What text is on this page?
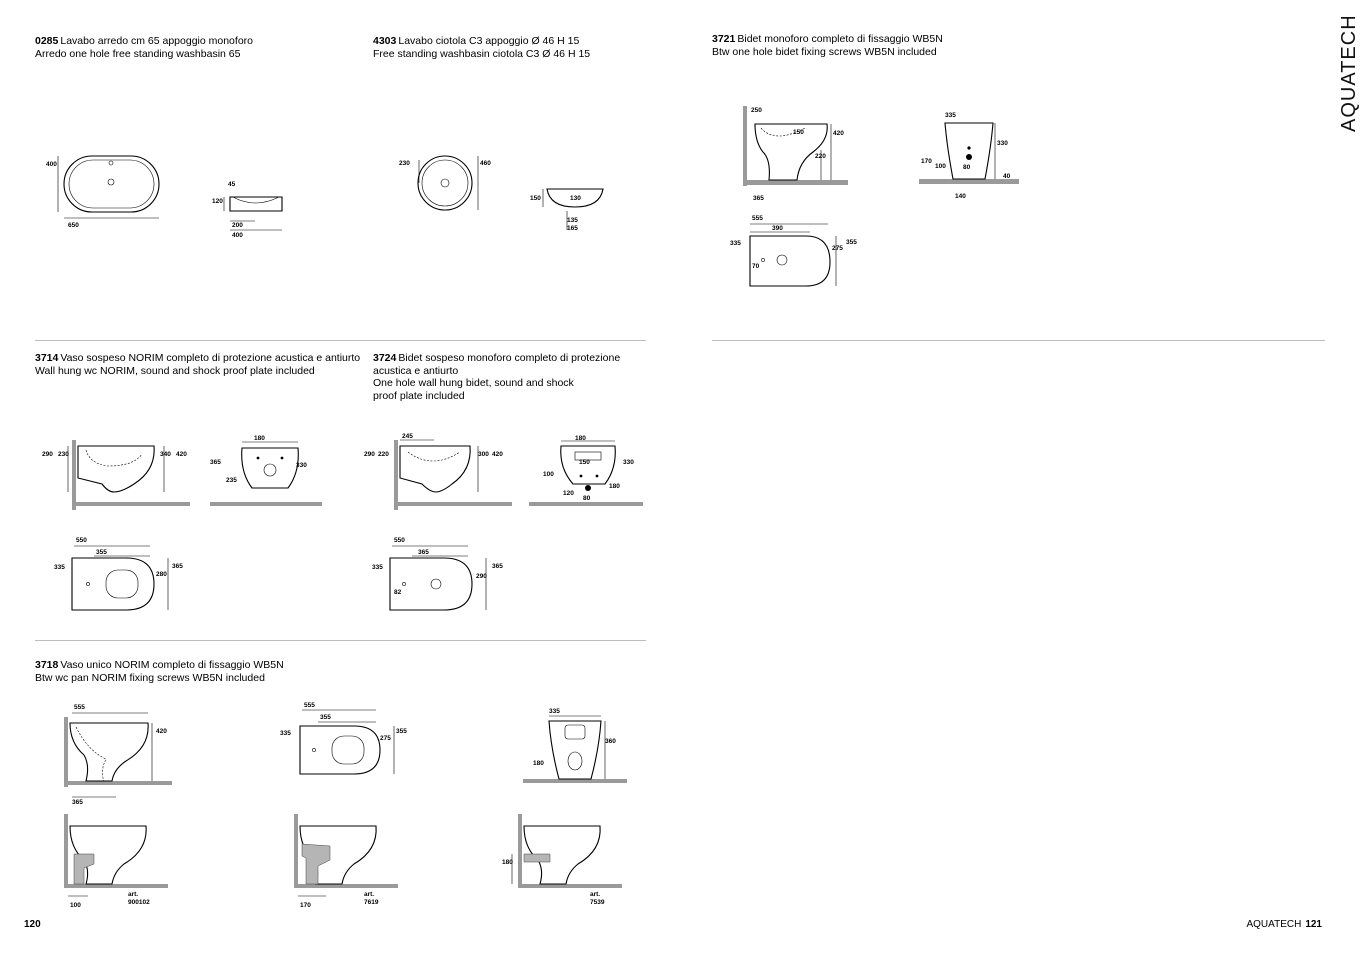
AQUATECH
0285 Lavabo arredo cm 65 appoggio monoforo
Arredo one hole free standing washbasin 65
4303 Lavabo ciotola C3 appoggio Ø 46 H 15
Free standing washbasin ciotola C3 Ø 46 H 15
3721 Bidet monoforo completo di fissaggio WB5N
Btw one hole bidet fixing screws WB5N included
3714 Vaso sospeso NORIM completo di protezione acustica e antiurto
Wall hung wc NORIM, sound and shock proof plate included
3724 Bidet sospeso monoforo completo di protezione
acustica e antiurto
One hole wall hung bidet, sound and shock
proof plate included
3718 Vaso unico NORIM completo di fissaggio WB5N
Btw wc pan NORIM fixing screws WB5N included
400
650
45
120
200
400
230	460
150	130
135
165
250
150	420
220
365
335
330
170
100	80
40
140
555
390
335	355
275
70
290 230	340 420
180
365	330
235
550
355
335
280
365
245
290 220	300 420
180
150	330
100
120
80
180
550
365
335
290
365
82
555
420
365
555
355
335	355
275
335
360
180
100
art.
900102	170
art.
7619
180
art.
7539
120	AQUATECH 121
